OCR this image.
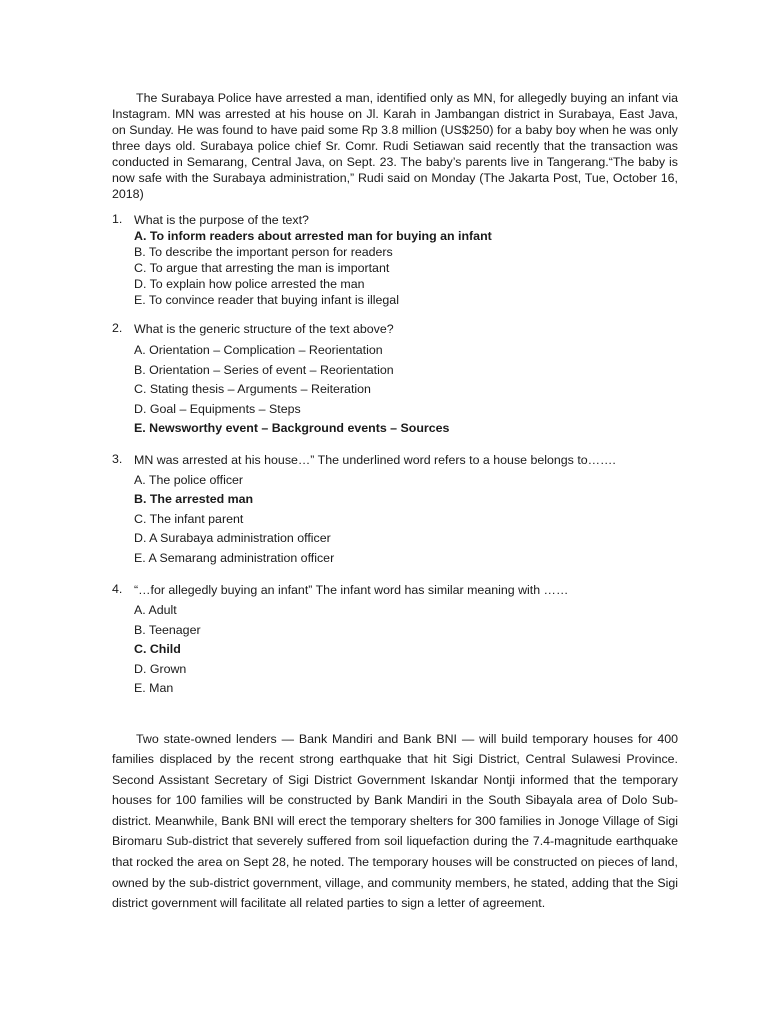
The Surabaya Police have arrested a man, identified only as MN, for allegedly buying an infant via Instagram. MN was arrested at his house on Jl. Karah in Jambangan district in Surabaya, East Java, on Sunday. He was found to have paid some Rp 3.8 million (US$250) for a baby boy when he was only three days old. Surabaya police chief Sr. Comr. Rudi Setiawan said recently that the transaction was conducted in Semarang, Central Java, on Sept. 23. The baby’s parents live in Tangerang.“The baby is now safe with the Surabaya administration,” Rudi said on Monday (The Jakarta Post, Tue, October 16, 2018)

1. What is the purpose of the text?

A. To inform readers about arrested man for buying an infant
B. To describe the important person for readers
C. To argue that arresting the man is important
D. To explain how police arrested the man
E. To convince reader that buying infant is illegal
2. What is the generic structure of the text above?

A. Orientation – Complication – Reorientation
B. Orientation – Series of event – Reorientation
C. Stating thesis – Arguments – Reiteration
D. Goal – Equipments – Steps
E. Newsworthy event – Background events – Sources
3. MN was arrested at his house…” The underlined word refers to a house belongs to…….

A. The police officer
B. The arrested man
C. The infant parent
D. A Surabaya administration officer
E. A Semarang administration officer
4. “…for allegedly buying an infant” The infant word has similar meaning with ……

A. Adult
B. Teenager
C. Child
D. Grown
E. Man

Two state-owned lenders — Bank Mandiri and Bank BNI — will build temporary houses for 400 families displaced by the recent strong earthquake that hit Sigi District, Central Sulawesi Province. Second Assistant Secretary of Sigi District Government Iskandar Nontji informed that the temporary houses for 100 families will be constructed by Bank Mandiri in the South Sibayala area of Dolo Sub-district. Meanwhile, Bank BNI will erect the temporary shelters for 300 families in Jonoge Village of Sigi Biromaru Sub-district that severely suffered from soil liquefaction during the 7.4-magnitude earthquake that rocked the area on Sept 28, he noted. The temporary houses will be constructed on pieces of land, owned by the sub-district government, village, and community members, he stated, adding that the Sigi district government will facilitate all related parties to sign a letter of agreement.
